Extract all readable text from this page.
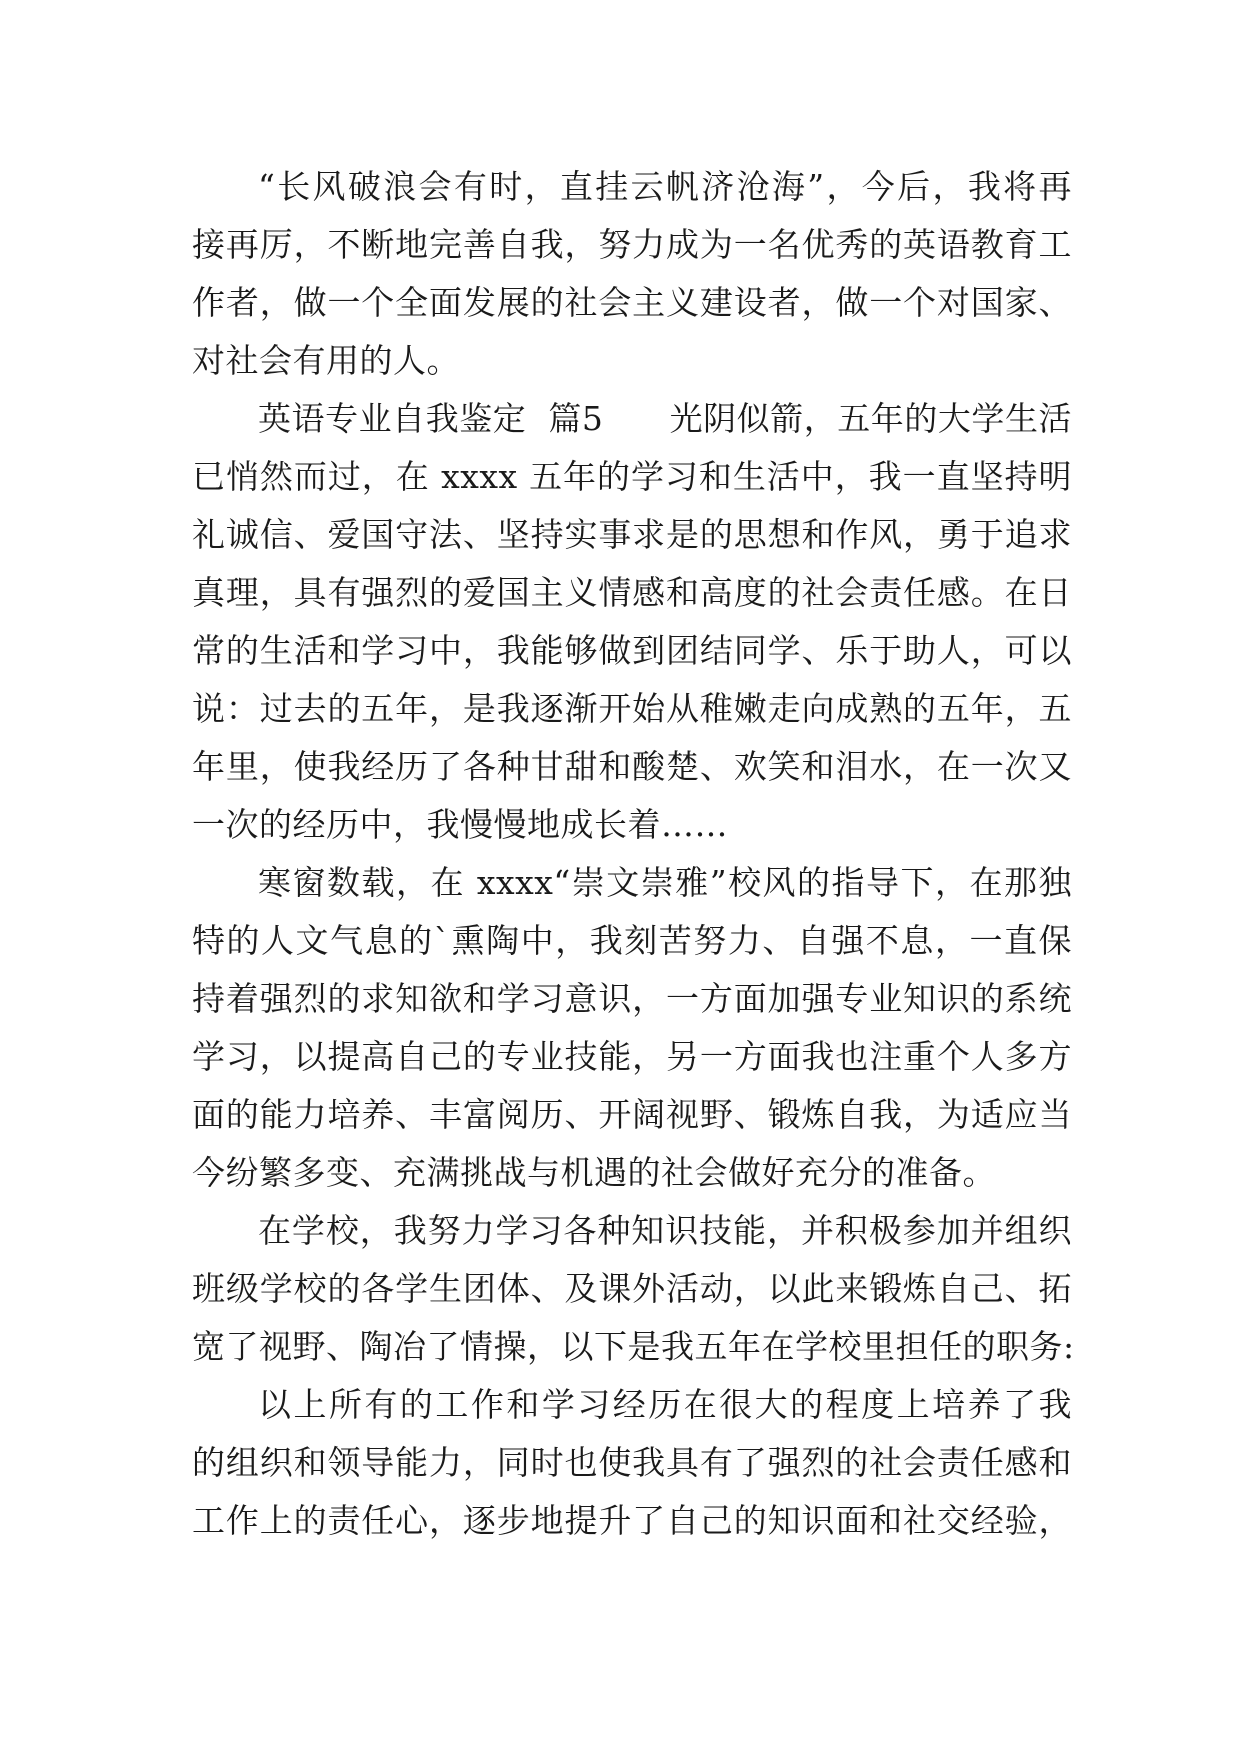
“长风破浪会有时，直挂云帆济沧海”，今后，我将再
接再厉，不断地完善自我，努力成为一名优秀的英语教育工
作者，做一个全面发展的社会主义建设者，做一个对国家、
对社会有用的人。
英语专业自我鉴定  篇5      光阴似箭，五年的大学生活
已悄然而过，在 xxxx 五年的学习和生活中，我一直坚持明
礼诚信、爱国守法、坚持实事求是的思想和作风，勇于追求
真理，具有强烈的爱国主义情感和高度的社会责任感。在日
常的生活和学习中，我能够做到团结同学、乐于助人，可以
说：过去的五年，是我逐渐开始从稚嫩走向成熟的五年，五
年里，使我经历了各种甘甜和酸楚、欢笑和泪水，在一次又
一次的经历中，我慢慢地成长着……
寒窗数载，在 xxxx“崇文崇雅”校风的指导下，在那独
特的人文气息的`熏陶中，我刻苦努力、自强不息，一直保
持着强烈的求知欲和学习意识，一方面加强专业知识的系统
学习，以提高自己的专业技能，另一方面我也注重个人多方
面的能力培养、丰富阅历、开阔视野、锻炼自我，为适应当
今纷繁多变、充满挑战与机遇的社会做好充分的准备。
在学校，我努力学习各种知识技能，并积极参加并组织
班级学校的各学生团体、及课外活动，以此来锻炼自己、拓
宽了视野、陶冶了情操，以下是我五年在学校里担任的职务:
以上所有的工作和学习经历在很大的程度上培养了我
的组织和领导能力，同时也使我具有了强烈的社会责任感和
工作上的责任心，逐步地提升了自己的知识面和社交经验，
